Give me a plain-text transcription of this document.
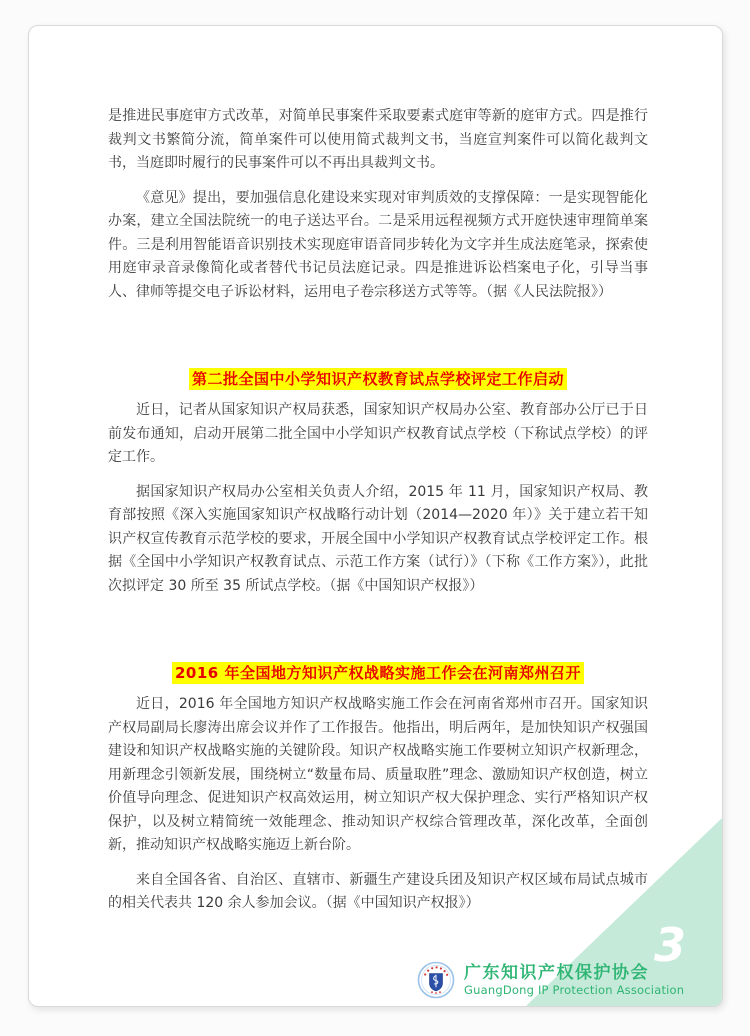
是推进民事庭审方式改革，对简单民事案件采取要素式庭审等新的庭审方式。四是推行裁判文书繁简分流，简单案件可以使用简式裁判文书，当庭宣判案件可以简化裁判文书，当庭即时履行的民事案件可以不再出具裁判文书。

《意见》提出，要加强信息化建设来实现对审判质效的支撑保障：一是实现智能化办案，建立全国法院统一的电子送达平台。二是采用远程视频方式开庭快速审理简单案件。三是利用智能语音识别技术实现庭审语音同步转化为文字并生成法庭笔录，探索使用庭审录音录像简化或者替代书记员法庭记录。四是推进诉讼档案电子化，引导当事人、律师等提交电子诉讼材料，运用电子卷宗移送方式等等。（据《人民法院报》）

第二批全国中小学知识产权教育试点学校评定工作启动

近日，记者从国家知识产权局获悉，国家知识产权局办公室、教育部办公厅已于日前发布通知，启动开展第二批全国中小学知识产权教育试点学校（下称试点学校）的评定工作。

据国家知识产权局办公室相关负责人介绍，2015 年 11 月，国家知识产权局、教育部按照《深入实施国家知识产权战略行动计划（2014—2020 年）》关于建立若干知识产权宣传教育示范学校的要求，开展全国中小学知识产权教育试点学校评定工作。根据《全国中小学知识产权教育试点、示范工作方案（试行）》（下称《工作方案》），此批次拟评定 30 所至 35 所试点学校。（据《中国知识产权报》）

2016 年全国地方知识产权战略实施工作会在河南郑州召开

近日，2016 年全国地方知识产权战略实施工作会在河南省郑州市召开。国家知识产权局副局长廖涛出席会议并作了工作报告。他指出，明后两年，是加快知识产权强国建设和知识产权战略实施的关键阶段。知识产权战略实施工作要树立知识产权新理念，用新理念引领新发展，围绕树立“数量布局、质量取胜”理念、激励知识产权创造，树立价值导向理念、促进知识产权高效运用，树立知识产权大保护理念、实行严格知识产权保护，以及树立精简统一效能理念、推动知识产权综合管理改革，深化改革，全面创新，推动知识产权战略实施迈上新台阶。

来自全国各省、自治区、直辖市、新疆生产建设兵团及知识产权区域布局试点城市的相关代表共 120 余人参加会议。（据《中国知识产权报》）

3
广东知识产权保护协会
GuangDong IP Protection Association
